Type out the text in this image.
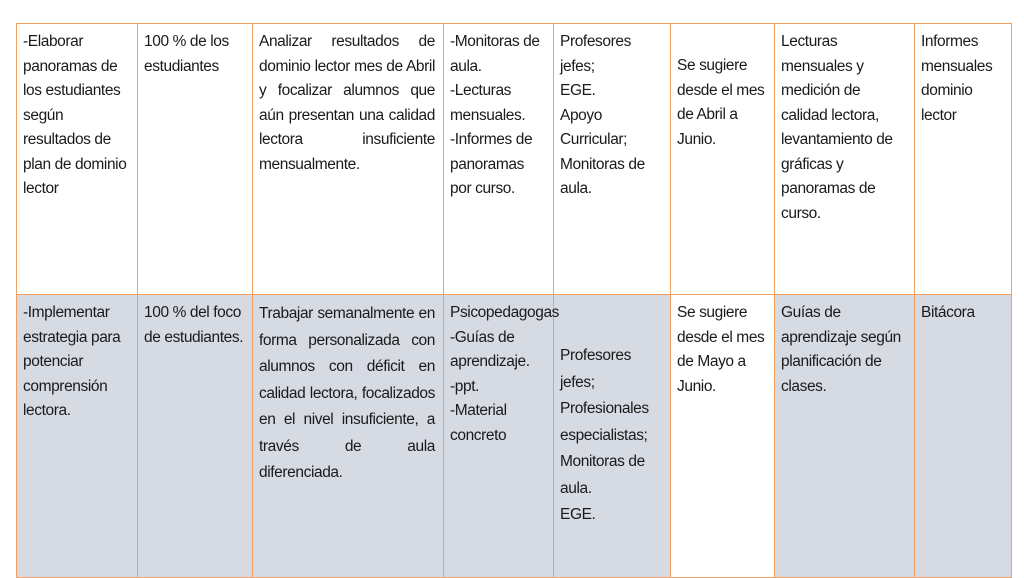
-Elaborar panoramas de los estudiantes según resultados de plan de dominio lector	100 % de los estudiantes	Analizar resultados de dominio lector mes de Abril y focalizar alumnos que aún presentan una calidad lectora insuficiente mensualmente.	-Monitoras de aula.
-Lecturas mensuales.
-Informes de panoramas por curso.	Profesores jefes;
EGE.
Apoyo Curricular;
Monitoras de aula.	Se sugiere desde el mes de Abril a Junio.	Lecturas mensuales y medición de calidad lectora, levantamiento de gráficas y panoramas de curso.	Informes mensuales dominio lector
-Implementar estrategia para potenciar comprensión lectora.	100 % del foco de estudiantes.	Trabajar semanalmente en forma personalizada con alumnos con déficit en calidad lectora, focalizados en el nivel insuficiente, a través de aula diferenciada.	Psicopedagogas
-Guías de aprendizaje.
-ppt.
-Material concreto	Profesores jefes;
Profesionales especialistas;
Monitoras de aula.
EGE.	Se sugiere desde el mes de Mayo a Junio.	Guías de aprendizaje según planificación de clases.	Bitácora
